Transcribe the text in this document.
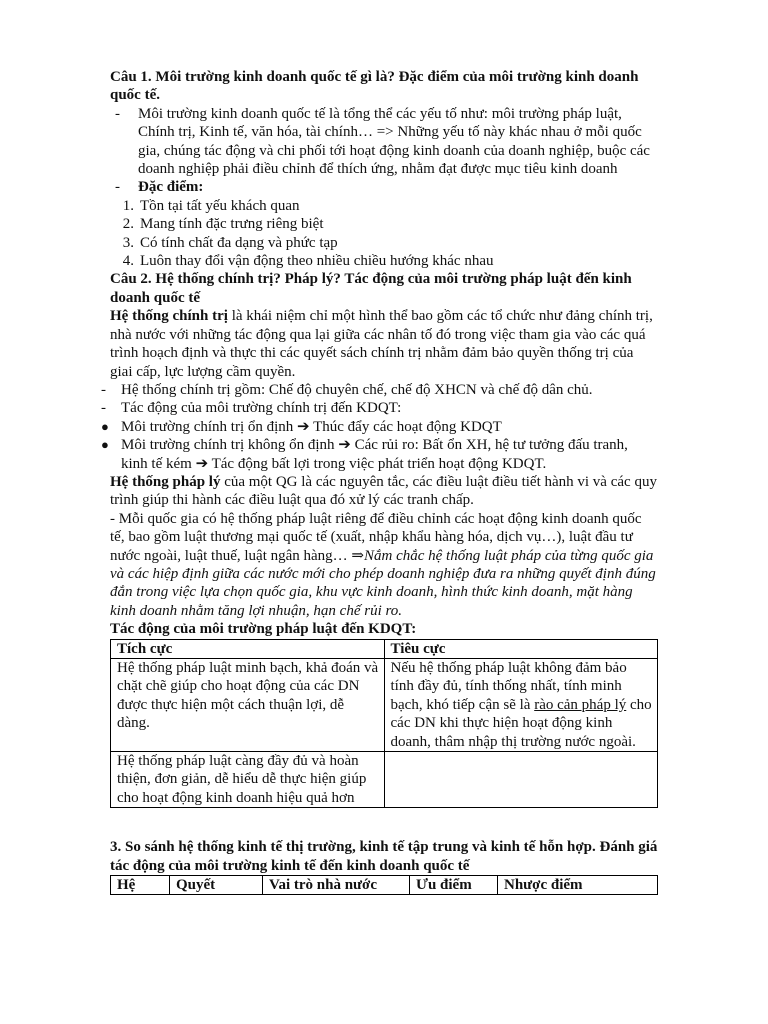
Câu 1. Môi trường kinh doanh quốc tế gì là? Đặc điểm của môi trường kinh doanh quốc tế.

-	Môi trường kinh doanh quốc tế là tổng thể các yếu tố như: môi trường pháp luật, Chính trị, Kinh tế, văn hóa, tài chính… => Những yếu tố này khác nhau ở mỗi quốc gia, chúng tác động và chi phối tới hoạt động kinh doanh của doanh nghiệp, buộc các doanh nghiệp phải điều chỉnh để thích ứng, nhằm đạt được mục tiêu kinh doanh
-	Đặc điểm:
1. Tồn tại tất yếu khách quan
2. Mang tính đặc trưng riêng biệt
3. Có tính chất đa dạng và phức tạp
4. Luôn thay đổi vận động theo nhiều chiều hướng khác nhau

Câu 2. Hệ thống chính trị? Pháp lý? Tác động của môi trường pháp luật đến kinh doanh quốc tế

Hệ thống chính trị là khái niệm chỉ một hình thể bao gồm các tổ chức như đảng chính trị, nhà nước với những tác động qua lại giữa các nhân tố đó trong việc tham gia vào các quá trình hoạch định và thực thi các quyết sách chính trị nhằm đảm bảo quyền thống trị của giai cấp, lực lượng cầm quyền.

-	Hệ thống chính trị gồm: Chế độ chuyên chế, chế độ XHCN và chế độ dân chủ.
-	Tác động của môi trường chính trị đến KDQT:
● Môi trường chính trị ổn định ➔ Thúc đẩy các hoạt động KDQT
● Môi trường chính trị không ổn định ➔ Các rủi ro: Bất ổn XH, hệ tư tưởng đấu tranh, kinh tế kém ➔ Tác động bất lợi trong việc phát triển hoạt động KDQT.

Hệ thống pháp lý của một QG là các nguyên tắc, các điều luật điều tiết hành vi và các quy trình giúp thi hành các điều luật qua đó xử lý các tranh chấp.

- Mỗi quốc gia có hệ thống pháp luật riêng để điều chỉnh các hoạt động kinh doanh quốc tế, bao gồm luật thương mại quốc tế (xuất, nhập khẩu hàng hóa, dịch vụ…), luật đầu tư nước ngoài, luật thuế, luật ngân hàng… ⇒Nắm chắc hệ thống luật pháp của từng quốc gia và các hiệp định giữa các nước mới cho phép doanh nghiệp đưa ra những quyết định đúng đắn trong việc lựa chọn quốc gia, khu vực kinh doanh, hình thức kinh doanh, mặt hàng kinh doanh nhằm tăng lợi nhuận, hạn chế rủi ro.

Tác động của môi trường pháp luật đến KDQT:

Tích cực	Tiêu cực
Hệ thống pháp luật minh bạch, khả đoán và chặt chẽ giúp cho hoạt động của các DN được thực hiện một cách thuận lợi, dễ dàng.	Nếu hệ thống pháp luật không đảm bảo tính đầy đủ, tính thống nhất, tính minh bạch, khó tiếp cận sẽ là rào cản pháp lý cho các DN khi thực hiện hoạt động kinh doanh, thâm nhập thị trường nước ngoài.
Hệ thống pháp luật càng đầy đủ và hoàn thiện, đơn giản, dễ hiểu dễ thực hiện giúp cho hoạt động kinh doanh hiệu quả hơn	

3. So sánh hệ thống kinh tế thị trường, kinh tế tập trung và kinh tế hỗn hợp. Đánh giá tác động của môi trường kinh tế đến kinh doanh quốc tế

Hệ	Quyết	Vai trò nhà nước	Ưu điểm	Nhược điểm
